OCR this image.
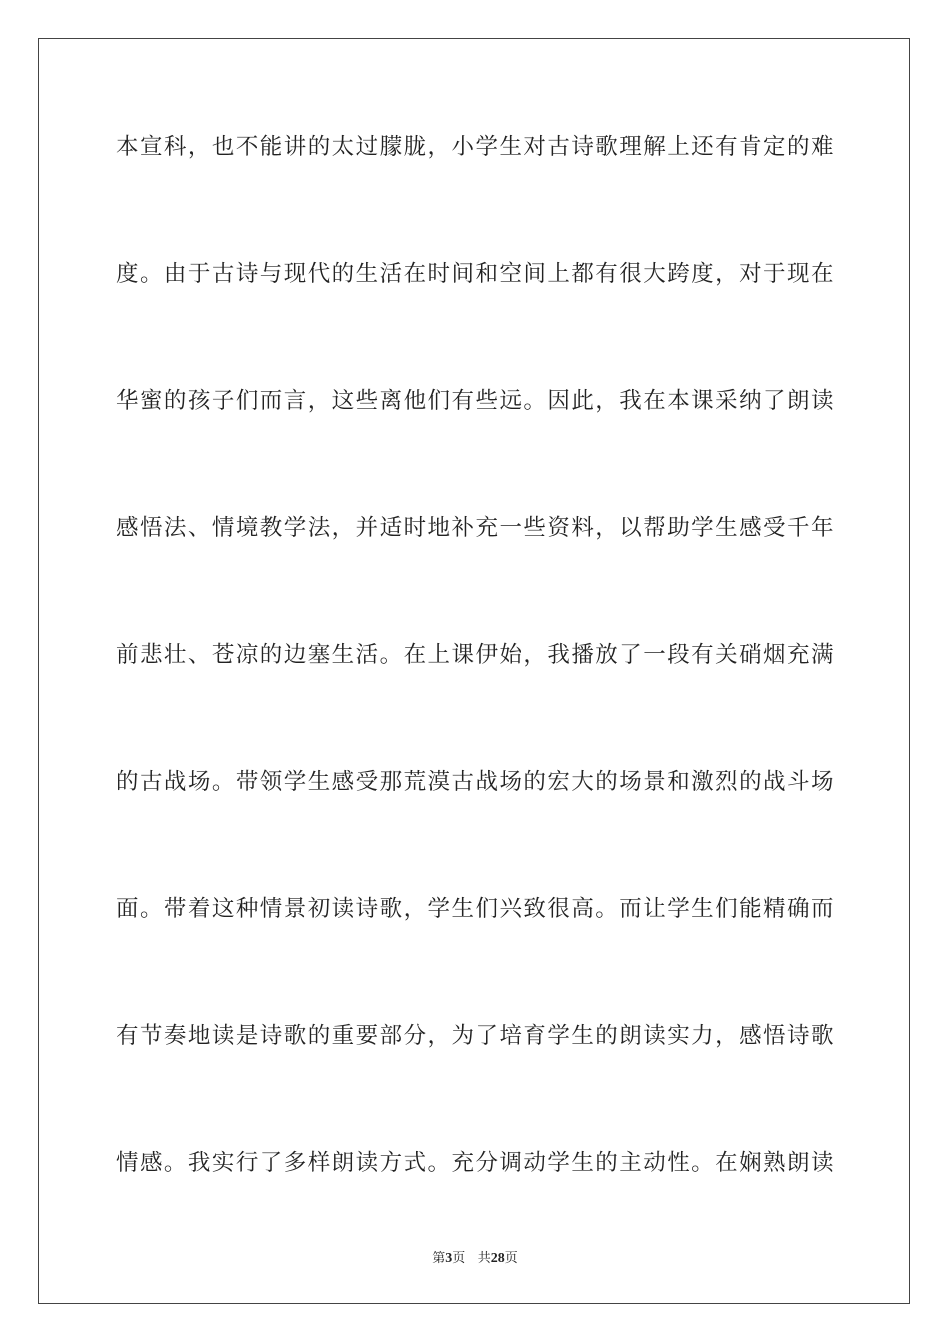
本宣科，也不能讲的太过朦胧，小学生对古诗歌理解上还有肯定的难
度。由于古诗与现代的生活在时间和空间上都有很大跨度，对于现在
华蜜的孩子们而言，这些离他们有些远。因此，我在本课采纳了朗读
感悟法、情境教学法，并适时地补充一些资料，以帮助学生感受千年
前悲壮、苍凉的边塞生活。在上课伊始，我播放了一段有关硝烟充满
的古战场。带领学生感受那荒漠古战场的宏大的场景和激烈的战斗场
面。带着这种情景初读诗歌，学生们兴致很高。而让学生们能精确而
有节奏地读是诗歌的重要部分，为了培育学生的朗读实力，感悟诗歌
情感。我实行了多样朗读方式。充分调动学生的主动性。在娴熟朗读
第3页 共28页
